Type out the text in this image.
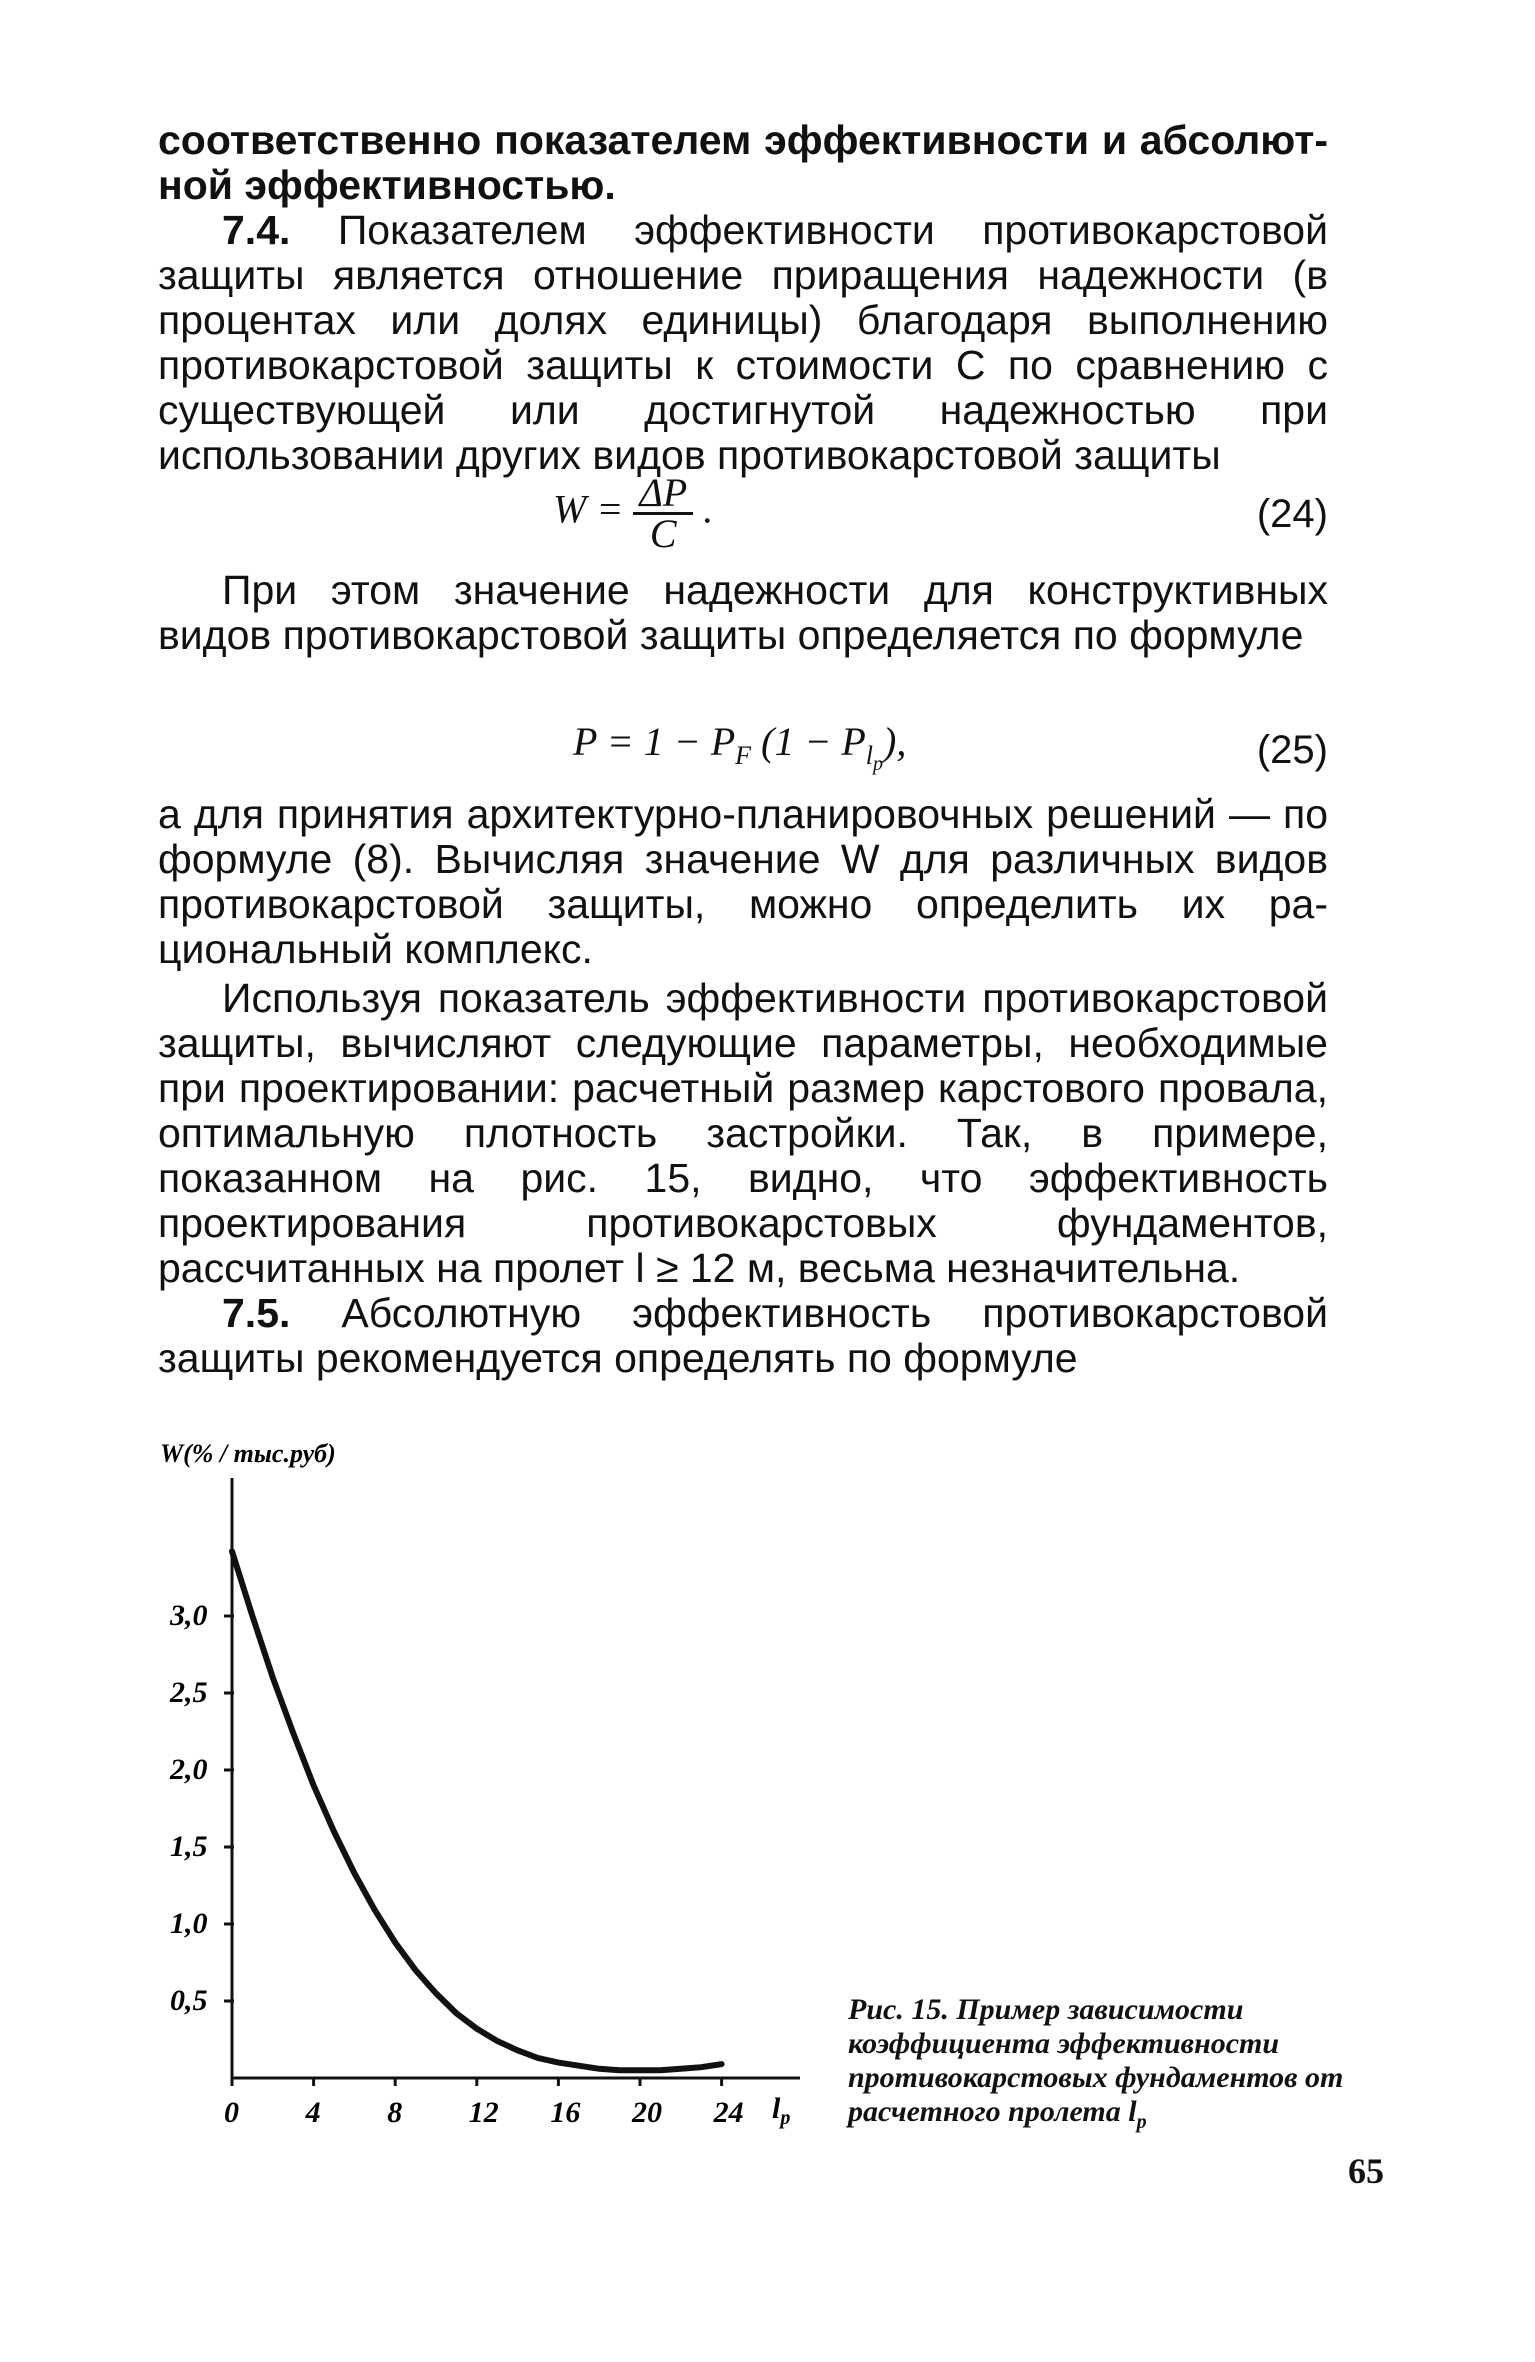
соответственно показателем эффективности и абсолютной эффективностью.

7.4. Показателем эффективности противокарстовой защиты является отношение приращения надежности (в процентах или долях единицы) благодаря выполнению противокарстовой защиты к стоимости C по сравнению с существующей или достигнутой надежностью при использовании других видов противокарстовой защиты

$W = \frac{\Delta P}{C}$ .	(24)

При этом значение надежности для конструктивных видов противокарстовой защиты определяется по формуле

$P = 1 - P_F$ $(1 - P_{l_p})$,	(25)

а для принятия архитектурно-планировочных решений — по формуле (8). Вычисляя значение W для различных видов противокарстовой защиты, можно определить их рациональный комплекс.

Используя показатель эффективности противокарстовой защиты, вычисляют следующие параметры, необходимые при проектировании: расчетный размер карстового провала, оптимальную плотность застройки. Так, в примере, показанном на рис. 15, видно, что эффективность проектирования противокарстовых фундаментов, рассчитанных на пролет l ≥ 12 м, весьма незначительна.

7.5. Абсолютную эффективность противокарстовой защиты рекомендуется определять по формуле

W(% / тыс.руб)
0,5
1,0
1,5
2,0
2,5
3,0
0 4 8 12 16 20 24 $l_p$
Рис. 15. Пример зависимости коэффициента эффективности противокарстовых фундаментов от расчетного пролета $l_p$
65
